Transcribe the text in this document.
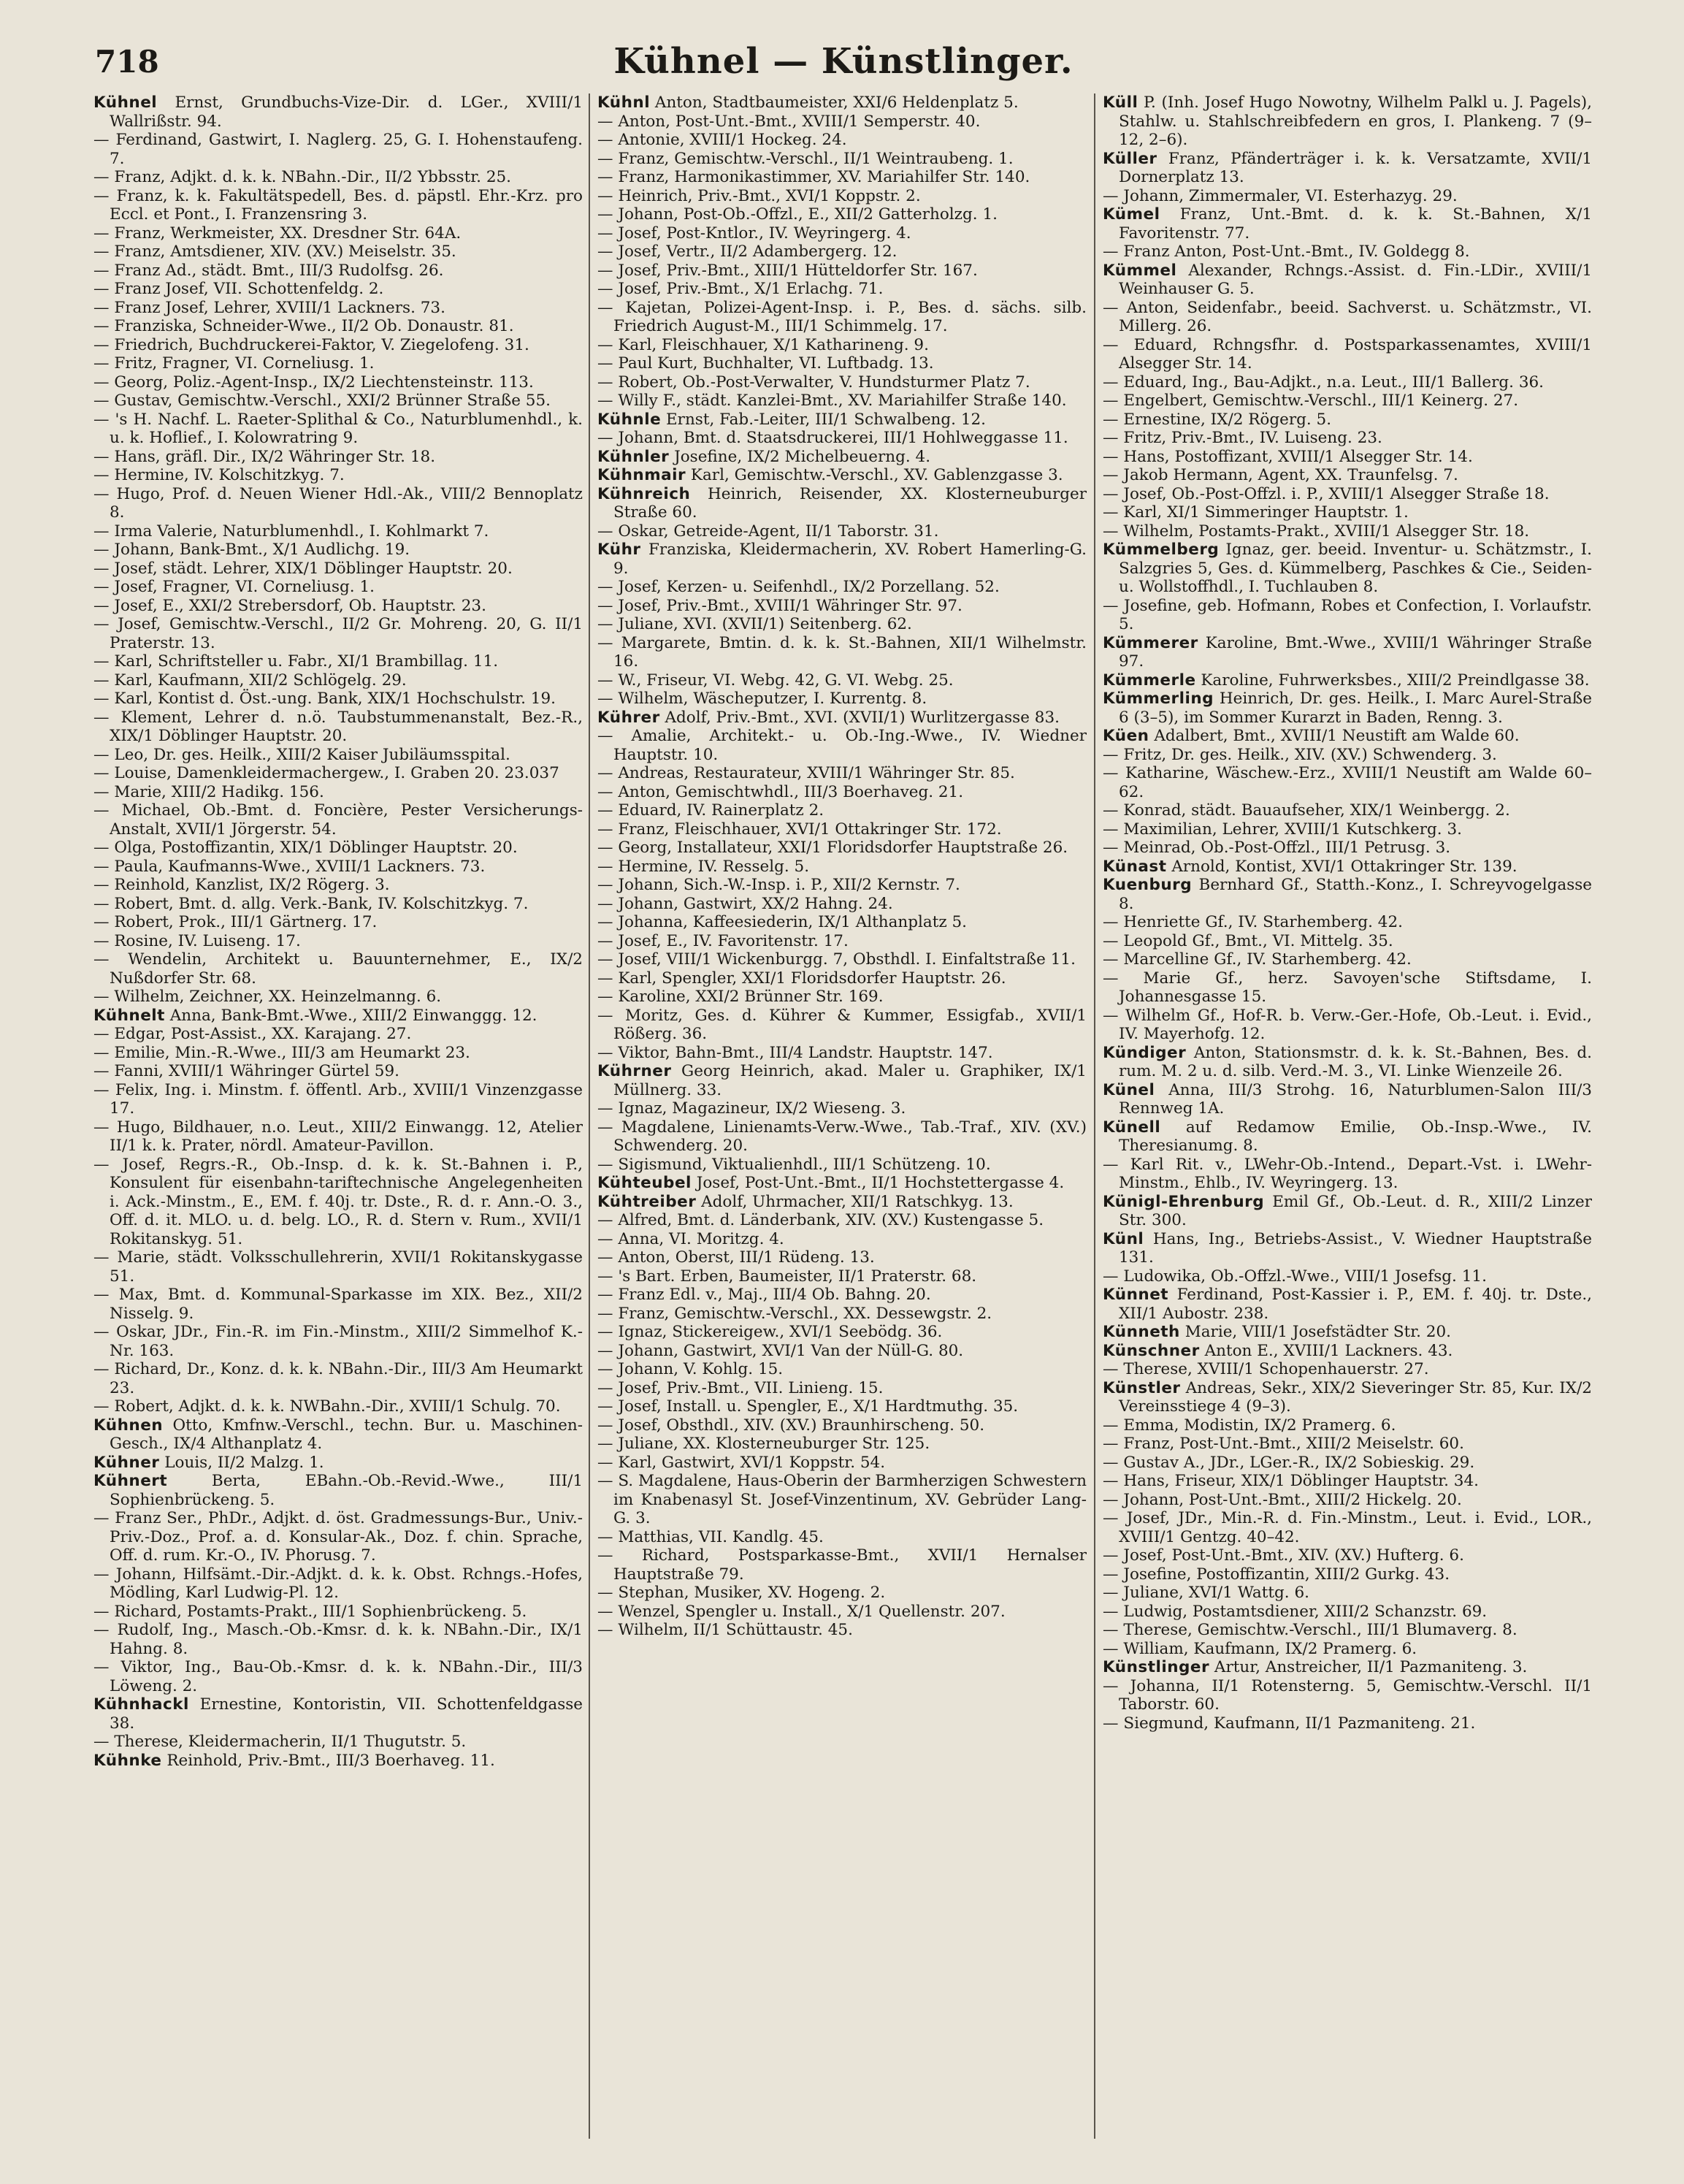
718	Kühnel — Künstlinger.

Kühnel Ernst, Grundbuchs-Vize-Dir. d. LGer., XVIII/1 Wallrißstr. 94.

— Ferdinand, Gastwirt, I. Naglerg. 25, G. I. Hohenstaufeng. 7.

— Franz, Adjkt. d. k. k. NBahn.-Dir., II/2 Ybbsstr. 25.

— Franz, k. k. Fakultätspedell, Bes. d. päpstl. Ehr.-Krz. pro Eccl. et Pont., I. Franzensring 3.

— Franz, Werkmeister, XX. Dresdner Str. 64A.

— Franz, Amtsdiener, XIV. (XV.) Meiselstr. 35.

— Franz Ad., städt. Bmt., III/3 Rudolfsg. 26.

— Franz Josef, VII. Schottenfeldg. 2.

— Franz Josef, Lehrer, XVIII/1 Lackners. 73.

— Franziska, Schneider-Wwe., II/2 Ob. Donaustr. 81.

— Friedrich, Buchdruckerei-Faktor, V. Ziegelofeng. 31.

— Fritz, Fragner, VI. Corneliusg. 1.

— Georg, Poliz.-Agent-Insp., IX/2 Liechtensteinstr. 113.

— Gustav, Gemischtw.-Verschl., XXI/2 Brünner Straße 55.

— 's H. Nachf. L. Raeter-Splithal & Co., Naturblumenhdl., k. u. k. Hoflief., I. Kolowratring 9.

— Hans, gräfl. Dir., IX/2 Währinger Str. 18.

— Hermine, IV. Kolschitzkyg. 7.

— Hugo, Prof. d. Neuen Wiener Hdl.-Ak., VIII/2 Bennoplatz 8.

— Irma Valerie, Naturblumenhdl., I. Kohlmarkt 7.

— Johann, Bank-Bmt., X/1 Audlichg. 19.

— Josef, städt. Lehrer, XIX/1 Döblinger Hauptstr. 20.

— Josef, Fragner, VI. Corneliusg. 1.

— Josef, E., XXI/2 Strebersdorf, Ob. Hauptstr. 23.

— Josef, Gemischtw.-Verschl., II/2 Gr. Mohreng. 20, G. II/1 Praterstr. 13.

— Karl, Schriftsteller u. Fabr., XI/1 Brambillag. 11.

— Karl, Kaufmann, XII/2 Schlögelg. 29.

— Karl, Kontist d. Öst.-ung. Bank, XIX/1 Hochschulstr. 19.

— Klement, Lehrer d. n.ö. Taubstummenanstalt, Bez.-R., XIX/1 Döblinger Hauptstr. 20.

— Leo, Dr. ges. Heilk., XIII/2 Kaiser Jubiläumsspital.

— Louise, Damenkleidermachergew., I. Graben 20. 23.037

— Marie, XIII/2 Hadikg. 156.

— Michael, Ob.-Bmt. d. Foncière, Pester Versicherungs-Anstalt, XVII/1 Jörgerstr. 54.

— Olga, Postoffizantin, XIX/1 Döblinger Hauptstr. 20.

— Paula, Kaufmanns-Wwe., XVIII/1 Lackners. 73.

— Reinhold, Kanzlist, IX/2 Rögerg. 3.

— Robert, Bmt. d. allg. Verk.-Bank, IV. Kolschitzkyg. 7.

— Robert, Prok., III/1 Gärtnerg. 17.

— Rosine, IV. Luiseng. 17.

— Wendelin, Architekt u. Bauunternehmer, E., IX/2 Nußdorfer Str. 68.

— Wilhelm, Zeichner, XX. Heinzelmanng. 6.

Kühnelt Anna, Bank-Bmt.-Wwe., XIII/2 Einwanggg. 12.

— Edgar, Post-Assist., XX. Karajang. 27.

— Emilie, Min.-R.-Wwe., III/3 am Heumarkt 23.

— Fanni, XVIII/1 Währinger Gürtel 59.

— Felix, Ing. i. Minstm. f. öffentl. Arb., XVIII/1 Vinzenzgasse 17.

— Hugo, Bildhauer, n.o. Leut., XIII/2 Einwangg. 12, Atelier II/1 k. k. Prater, nördl. Amateur-Pavillon.

— Josef, Regrs.-R., Ob.-Insp. d. k. k. St.-Bahnen i. P., Konsulent für eisenbahn-tariftechnische Angelegenheiten i. Ack.-Minstm., E., EM. f. 40j. tr. Dste., R. d. r. Ann.-O. 3., Off. d. it. MLO. u. d. belg. LO., R. d. Stern v. Rum., XVII/1 Rokitanskyg. 51.

— Marie, städt. Volksschullehrerin, XVII/1 Rokitanskygasse 51.

— Max, Bmt. d. Kommunal-Sparkasse im XIX. Bez., XII/2 Nisselg. 9.

— Oskar, JDr., Fin.-R. im Fin.-Minstm., XIII/2 Simmelhof K.-Nr. 163.

— Richard, Dr., Konz. d. k. k. NBahn.-Dir., III/3 Am Heumarkt 23.

— Robert, Adjkt. d. k. k. NWBahn.-Dir., XVIII/1 Schulg. 70.

Kühnen Otto, Kmfnw.-Verschl., techn. Bur. u. Maschinen-Gesch., IX/4 Althanplatz 4.

Kühner Louis, II/2 Malzg. 1.

Kühnert Berta, EBahn.-Ob.-Revid.-Wwe., III/1 Sophienbrückeng. 5.

— Franz Ser., PhDr., Adjkt. d. öst. Gradmessungs-Bur., Univ.-Priv.-Doz., Prof. a. d. Konsular-Ak., Doz. f. chin. Sprache, Off. d. rum. Kr.-O., IV. Phorusg. 7.

— Johann, Hilfsämt.-Dir.-Adjkt. d. k. k. Obst. Rchngs.-Hofes, Mödling, Karl Ludwig-Pl. 12.

— Richard, Postamts-Prakt., III/1 Sophienbrückeng. 5.

— Rudolf, Ing., Masch.-Ob.-Kmsr. d. k. k. NBahn.-Dir., IX/1 Hahng. 8.

— Viktor, Ing., Bau-Ob.-Kmsr. d. k. k. NBahn.-Dir., III/3 Löweng. 2.

Kühnhackl Ernestine, Kontoristin, VII. Schottenfeldgasse 38.

— Therese, Kleidermacherin, II/1 Thugutstr. 5.

Kühnke Reinhold, Priv.-Bmt., III/3 Boerhaveg. 11.

Kühnl Anton, Stadtbaumeister, XXI/6 Heldenplatz 5.

— Anton, Post-Unt.-Bmt., XVIII/1 Semperstr. 40.

— Antonie, XVIII/1 Hockeg. 24.

— Franz, Gemischtw.-Verschl., II/1 Weintraubeng. 1.

— Franz, Harmonikastimmer, XV. Mariahilfer Str. 140.

— Heinrich, Priv.-Bmt., XVI/1 Koppstr. 2.

— Johann, Post-Ob.-Offzl., E., XII/2 Gatterholzg. 1.

— Josef, Post-Kntlor., IV. Weyringerg. 4.

— Josef, Vertr., II/2 Adambergerg. 12.

— Josef, Priv.-Bmt., XIII/1 Hütteldorfer Str. 167.

— Josef, Priv.-Bmt., X/1 Erlachg. 71.

— Kajetan, Polizei-Agent-Insp. i. P., Bes. d. sächs. silb. Friedrich August-M., III/1 Schimmelg. 17.

— Karl, Fleischhauer, X/1 Katharineng. 9.

— Paul Kurt, Buchhalter, VI. Luftbadg. 13.

— Robert, Ob.-Post-Verwalter, V. Hundsturmer Platz 7.

— Willy F., städt. Kanzlei-Bmt., XV. Mariahilfer Straße 140.

Kühnle Ernst, Fab.-Leiter, III/1 Schwalbeng. 12.

— Johann, Bmt. d. Staatsdruckerei, III/1 Hohlweggasse 11.

Kühnler Josefine, IX/2 Michelbeuerng. 4.

Kühnmair Karl, Gemischtw.-Verschl., XV. Gablenzgasse 3.

Kühnreich Heinrich, Reisender, XX. Klosterneuburger Straße 60.

— Oskar, Getreide-Agent, II/1 Taborstr. 31.

Kühr Franziska, Kleidermacherin, XV. Robert Hamerling-G. 9.

— Josef, Kerzen- u. Seifenhdl., IX/2 Porzellang. 52.

— Josef, Priv.-Bmt., XVIII/1 Währinger Str. 97.

— Juliane, XVI. (XVII/1) Seitenberg. 62.

— Margarete, Bmtin. d. k. k. St.-Bahnen, XII/1 Wilhelmstr. 16.

— W., Friseur, VI. Webg. 42, G. VI. Webg. 25.

— Wilhelm, Wäscheputzer, I. Kurrentg. 8.

Kührer Adolf, Priv.-Bmt., XVI. (XVII/1) Wurlitzergasse 83.

— Amalie, Architekt.- u. Ob.-Ing.-Wwe., IV. Wiedner Hauptstr. 10.

— Andreas, Restaurateur, XVIII/1 Währinger Str. 85.

— Anton, Gemischtwhdl., III/3 Boerhaveg. 21.

— Eduard, IV. Rainerplatz 2.

— Franz, Fleischhauer, XVI/1 Ottakringer Str. 172.

— Georg, Installateur, XXI/1 Floridsdorfer Hauptstraße 26.

— Hermine, IV. Resselg. 5.

— Johann, Sich.-W.-Insp. i. P., XII/2 Kernstr. 7.

— Johann, Gastwirt, XX/2 Hahng. 24.

— Johanna, Kaffeesiederin, IX/1 Althanplatz 5.

— Josef, E., IV. Favoritenstr. 17.

— Josef, VIII/1 Wickenburgg. 7, Obsthdl. I. Einfaltstraße 11.

— Karl, Spengler, XXI/1 Floridsdorfer Hauptstr. 26.

— Karoline, XXI/2 Brünner Str. 169.

— Moritz, Ges. d. Kührer & Kummer, Essigfab., XVII/1 Rößerg. 36.

— Viktor, Bahn-Bmt., III/4 Landstr. Hauptstr. 147.

Kührner Georg Heinrich, akad. Maler u. Graphiker, IX/1 Müllnerg. 33.

— Ignaz, Magazineur, IX/2 Wieseng. 3.

— Magdalene, Linienamts-Verw.-Wwe., Tab.-Traf., XIV. (XV.) Schwenderg. 20.

— Sigismund, Viktualienhdl., III/1 Schützeng. 10.

Kühteubel Josef, Post-Unt.-Bmt., II/1 Hochstettergasse 4.

Kühtreiber Adolf, Uhrmacher, XII/1 Ratschkyg. 13.

— Alfred, Bmt. d. Länderbank, XIV. (XV.) Kustengasse 5.

— Anna, VI. Moritzg. 4.

— Anton, Oberst, III/1 Rüdeng. 13.

— 's Bart. Erben, Baumeister, II/1 Praterstr. 68.

— Franz Edl. v., Maj., III/4 Ob. Bahng. 20.

— Franz, Gemischtw.-Verschl., XX. Dessewgstr. 2.

— Ignaz, Stickereigew., XVI/1 Seebödg. 36.

— Johann, Gastwirt, XVI/1 Van der Nüll-G. 80.

— Johann, V. Kohlg. 15.

— Josef, Priv.-Bmt., VII. Linieng. 15.

— Josef, Install. u. Spengler, E., X/1 Hardtmuthg. 35.

— Josef, Obsthdl., XIV. (XV.) Braunhirscheng. 50.

— Juliane, XX. Klosterneuburger Str. 125.

— Karl, Gastwirt, XVI/1 Koppstr. 54.

— S. Magdalene, Haus-Oberin der Barmherzigen Schwestern im Knabenasyl St. Josef-Vinzentinum, XV. Gebrüder Lang-G. 3.

— Matthias, VII. Kandlg. 45.

— Richard, Postsparkasse-Bmt., XVII/1 Hernalser Hauptstraße 79.

— Stephan, Musiker, XV. Hogeng. 2.

— Wenzel, Spengler u. Install., X/1 Quellenstr. 207.

— Wilhelm, II/1 Schüttaustr. 45.

Küll P. (Inh. Josef Hugo Nowotny, Wilhelm Palkl u. J. Pagels), Stahlw. u. Stahlschreibfedern en gros, I. Plankeng. 7 (9–12, 2–6).

Küller Franz, Pfänderträger i. k. k. Versatzamte, XVII/1 Dornerplatz 13.

— Johann, Zimmermaler, VI. Esterhazyg. 29.

Kümel Franz, Unt.-Bmt. d. k. k. St.-Bahnen, X/1 Favoritenstr. 77.

— Franz Anton, Post-Unt.-Bmt., IV. Goldegg 8.

Kümmel Alexander, Rchngs.-Assist. d. Fin.-LDir., XVIII/1 Weinhauser G. 5.

— Anton, Seidenfabr., beeid. Sachverst. u. Schätzmstr., VI. Millerg. 26.

— Eduard, Rchngsfhr. d. Postsparkassenamtes, XVIII/1 Alsegger Str. 14.

— Eduard, Ing., Bau-Adjkt., n.a. Leut., III/1 Ballerg. 36.

— Engelbert, Gemischtw.-Verschl., III/1 Keinerg. 27.

— Ernestine, IX/2 Rögerg. 5.

— Fritz, Priv.-Bmt., IV. Luiseng. 23.

— Hans, Postoffizant, XVIII/1 Alsegger Str. 14.

— Jakob Hermann, Agent, XX. Traunfelsg. 7.

— Josef, Ob.-Post-Offzl. i. P., XVIII/1 Alsegger Straße 18.

— Karl, XI/1 Simmeringer Hauptstr. 1.

— Wilhelm, Postamts-Prakt., XVIII/1 Alsegger Str. 18.

Kümmelberg Ignaz, ger. beeid. Inventur- u. Schätzmstr., I. Salzgries 5, Ges. d. Kümmelberg, Paschkes & Cie., Seiden- u. Wollstoffhdl., I. Tuchlauben 8.

— Josefine, geb. Hofmann, Robes et Confection, I. Vorlaufstr. 5.

Kümmerer Karoline, Bmt.-Wwe., XVIII/1 Währinger Straße 97.

Kümmerle Karoline, Fuhrwerksbes., XIII/2 Preindlgasse 38.

Kümmerling Heinrich, Dr. ges. Heilk., I. Marc Aurel-Straße 6 (3–5), im Sommer Kurarzt in Baden, Renng. 3.

Küen Adalbert, Bmt., XVIII/1 Neustift am Walde 60.

— Fritz, Dr. ges. Heilk., XIV. (XV.) Schwenderg. 3.

— Katharine, Wäschew.-Erz., XVIII/1 Neustift am Walde 60–62.

— Konrad, städt. Bauaufseher, XIX/1 Weinbergg. 2.

— Maximilian, Lehrer, XVIII/1 Kutschkerg. 3.

— Meinrad, Ob.-Post-Offzl., III/1 Petrusg. 3.

Künast Arnold, Kontist, XVI/1 Ottakringer Str. 139.

Kuenburg Bernhard Gf., Statth.-Konz., I. Schreyvogelgasse 8.

— Henriette Gf., IV. Starhemberg. 42.

— Leopold Gf., Bmt., VI. Mittelg. 35.

— Marcelline Gf., IV. Starhemberg. 42.

— Marie Gf., herz. Savoyen'sche Stiftsdame, I. Johannesgasse 15.

— Wilhelm Gf., Hof-R. b. Verw.-Ger.-Hofe, Ob.-Leut. i. Evid., IV. Mayerhofg. 12.

Kündiger Anton, Stationsmstr. d. k. k. St.-Bahnen, Bes. d. rum. M. 2 u. d. silb. Verd.-M. 3., VI. Linke Wienzeile 26.

Künel Anna, III/3 Strohg. 16, Naturblumen-Salon III/3 Rennweg 1A.

Künell auf Redamow Emilie, Ob.-Insp.-Wwe., IV. Theresianumg. 8.

— Karl Rit. v., LWehr-Ob.-Intend., Depart.-Vst. i. LWehr-Minstm., Ehlb., IV. Weyringerg. 13.

Künigl-Ehrenburg Emil Gf., Ob.-Leut. d. R., XIII/2 Linzer Str. 300.

Künl Hans, Ing., Betriebs-Assist., V. Wiedner Hauptstraße 131.

— Ludowika, Ob.-Offzl.-Wwe., VIII/1 Josefsg. 11.

Künnet Ferdinand, Post-Kassier i. P., EM. f. 40j. tr. Dste., XII/1 Aubostr. 238.

Künneth Marie, VIII/1 Josefstädter Str. 20.

Künschner Anton E., XVIII/1 Lackners. 43.

— Therese, XVIII/1 Schopenhauerstr. 27.

Künstler Andreas, Sekr., XIX/2 Sieveringer Str. 85, Kur. IX/2 Vereinsstiege 4 (9–3).

— Emma, Modistin, IX/2 Pramerg. 6.

— Franz, Post-Unt.-Bmt., XIII/2 Meiselstr. 60.

— Gustav A., JDr., LGer.-R., IX/2 Sobieskig. 29.

— Hans, Friseur, XIX/1 Döblinger Hauptstr. 34.

— Johann, Post-Unt.-Bmt., XIII/2 Hickelg. 20.

— Josef, JDr., Min.-R. d. Fin.-Minstm., Leut. i. Evid., LOR., XVIII/1 Gentzg. 40–42.

— Josef, Post-Unt.-Bmt., XIV. (XV.) Hufterg. 6.

— Josefine, Postoffizantin, XIII/2 Gurkg. 43.

— Juliane, XVI/1 Wattg. 6.

— Ludwig, Postamtsdiener, XIII/2 Schanzstr. 69.

— Therese, Gemischtw.-Verschl., III/1 Blumaverg. 8.

— William, Kaufmann, IX/2 Pramerg. 6.

Künstlinger Artur, Anstreicher, II/1 Pazmaniteng. 3.

— Johanna, II/1 Rotensterng. 5, Gemischtw.-Verschl. II/1 Taborstr. 60.

— Siegmund, Kaufmann, II/1 Pazmaniteng. 21.
